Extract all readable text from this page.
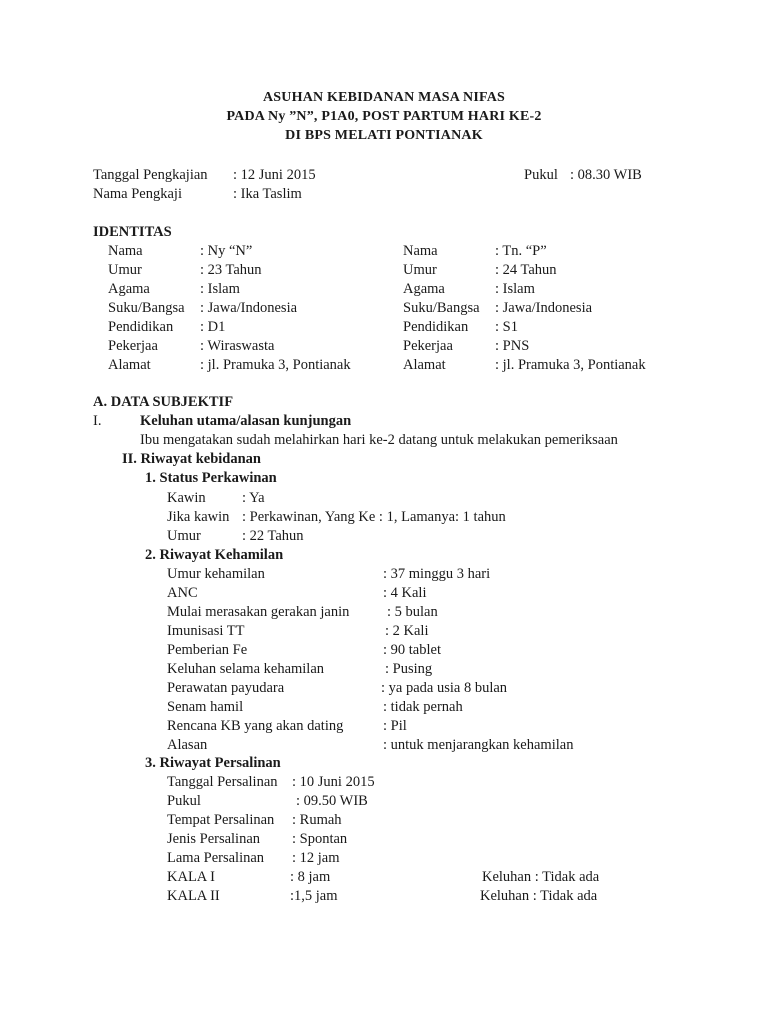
ASUHAN KEBIDANAN MASA NIFAS
PADA Ny ”N”, P1A0, POST PARTUM HARI KE-2
DI BPS MELATI PONTIANAK
Tanggal Pengkajian : 12 Juni 2015	Pukul : 08.30 WIB
Nama Pengkaji	: Ika Taslim
IDENTITAS
Nama	: Ny “N”
Umur	: 23 Tahun
Agama	: Islam
Suku/Bangsa : Jawa/Indonesia
Pendidikan : D1
Pekerjaa	: Wiraswasta
Alamat	: jl. Pramuka 3, Pontianak
Nama	: Tn. “P”
Umur	: 24 Tahun
Agama	: Islam
Suku/Bangsa : Jawa/Indonesia
Pendidikan : S1
Pekerjaa	: PNS
Alamat	: jl. Pramuka 3, Pontianak
A. DATA SUBJEKTIF
I.	Keluhan utama/alasan kunjungan
Ibu mengatakan sudah melahirkan hari ke-2 datang untuk melakukan pemeriksaan
II. Riwayat kebidanan
1. Status Perkawinan
Kawin	: Ya
Jika kawin : Perkawinan, Yang Ke : 1, Lamanya: 1 tahun
Umur	: 22 Tahun
2. Riwayat Kehamilan
Umur kehamilan	: 37 minggu 3 hari
ANC	: 4 Kali
Mulai merasakan gerakan janin	: 5 bulan
Imunisasi TT	: 2 Kali
Pemberian Fe	: 90 tablet
Keluhan selama kehamilan	: Pusing
Perawatan payudara	: ya pada usia 8 bulan
Senam hamil	: tidak pernah
Rencana KB yang akan dating	: Pil
Alasan	: untuk menjarangkan kehamilan
3. Riwayat Persalinan
Tanggal Persalinan : 10 Juni 2015
Pukul	: 09.50 WIB
Tempat Persalinan : Rumah
Jenis Persalinan : Spontan
Lama Persalinan : 12 jam
KALA I	: 8 jam	Keluhan : Tidak ada
KALA II	:1,5 jam	Keluhan : Tidak ada
